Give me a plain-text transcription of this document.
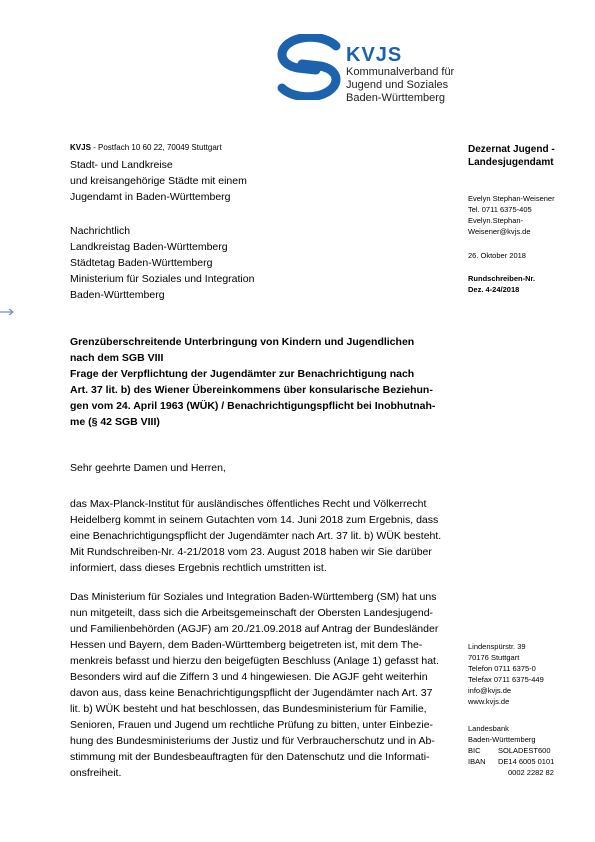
KVJS
Kommunalverband für
Jugend und Soziales
Baden-Württemberg
KVJS - Postfach 10 60 22, 70049 Stuttgart
Stadt- und Landkreise
und kreisangehörige Städte mit einem
Jugendamt in Baden-Württemberg
Nachrichtlich
Landkreistag Baden-Württemberg
Städtetag Baden-Württemberg
Ministerium für Soziales und Integration
Baden-Württemberg
Dezernat Jugend -
Landesjugendamt
Evelyn Stephan-Weisener
Tel. 0711 6375-405
Evelyn.Stephan-
Weisener@kvjs.de
26. Oktober 2018
Rundschreiben-Nr.
Dez. 4-24/2018
Lindenspürstr. 39
70176 Stuttgart
Telefon 0711 6375-0
Telefax 0711 6375-449
info@kvjs.de
www.kvjs.de
Landesbank
Baden-Württemberg
BIC	SOLADEST600
IBAN	DE14 6005 0101
0002 2282 82
Grenzüberschreitende Unterbringung von Kindern und Jugendlichen
nach dem SGB VIII
Frage der Verpflichtung der Jugendämter zur Benachrichtigung nach
Art. 37 lit. b) des Wiener Übereinkommens über konsularische Beziehun-
gen vom 24. April 1963 (WÜK) / Benachrichtigungspflicht bei Inobhutnah-
me (§ 42 SGB VIII)
Sehr geehrte Damen und Herren,
das Max-Planck-Institut für ausländisches öffentliches Recht und Völkerrecht
Heidelberg kommt in seinem Gutachten vom 14. Juni 2018 zum Ergebnis, dass
eine Benachrichtigungspflicht der Jugendämter nach Art. 37 lit. b) WÜK besteht.
Mit Rundschreiben-Nr. 4-21/2018 vom 23. August 2018 haben wir Sie darüber
informiert, dass dieses Ergebnis rechtlich umstritten ist.
Das Ministerium für Soziales und Integration Baden-Württemberg (SM) hat uns
nun mitgeteilt, dass sich die Arbeitsgemeinschaft der Obersten Landesjugend-
und Familienbehörden (AGJF) am 20./21.09.2018 auf Antrag der Bundesländer
Hessen und Bayern, dem Baden-Württemberg beigetreten ist, mit dem The-
menkreis befasst und hierzu den beigefügten Beschluss (Anlage 1) gefasst hat.
Besonders wird auf die Ziffern 3 und 4 hingewiesen. Die AGJF geht weiterhin
davon aus, dass keine Benachrichtigungspflicht der Jugendämter nach Art. 37
lit. b) WÜK besteht und hat beschlossen, das Bundesministerium für Familie,
Senioren, Frauen und Jugend um rechtliche Prüfung zu bitten, unter Einbezie-
hung des Bundesministeriums der Justiz und für Verbraucherschutz und in Ab-
stimmung mit der Bundesbeauftragten für den Datenschutz und die Informati-
onsfreiheit.
